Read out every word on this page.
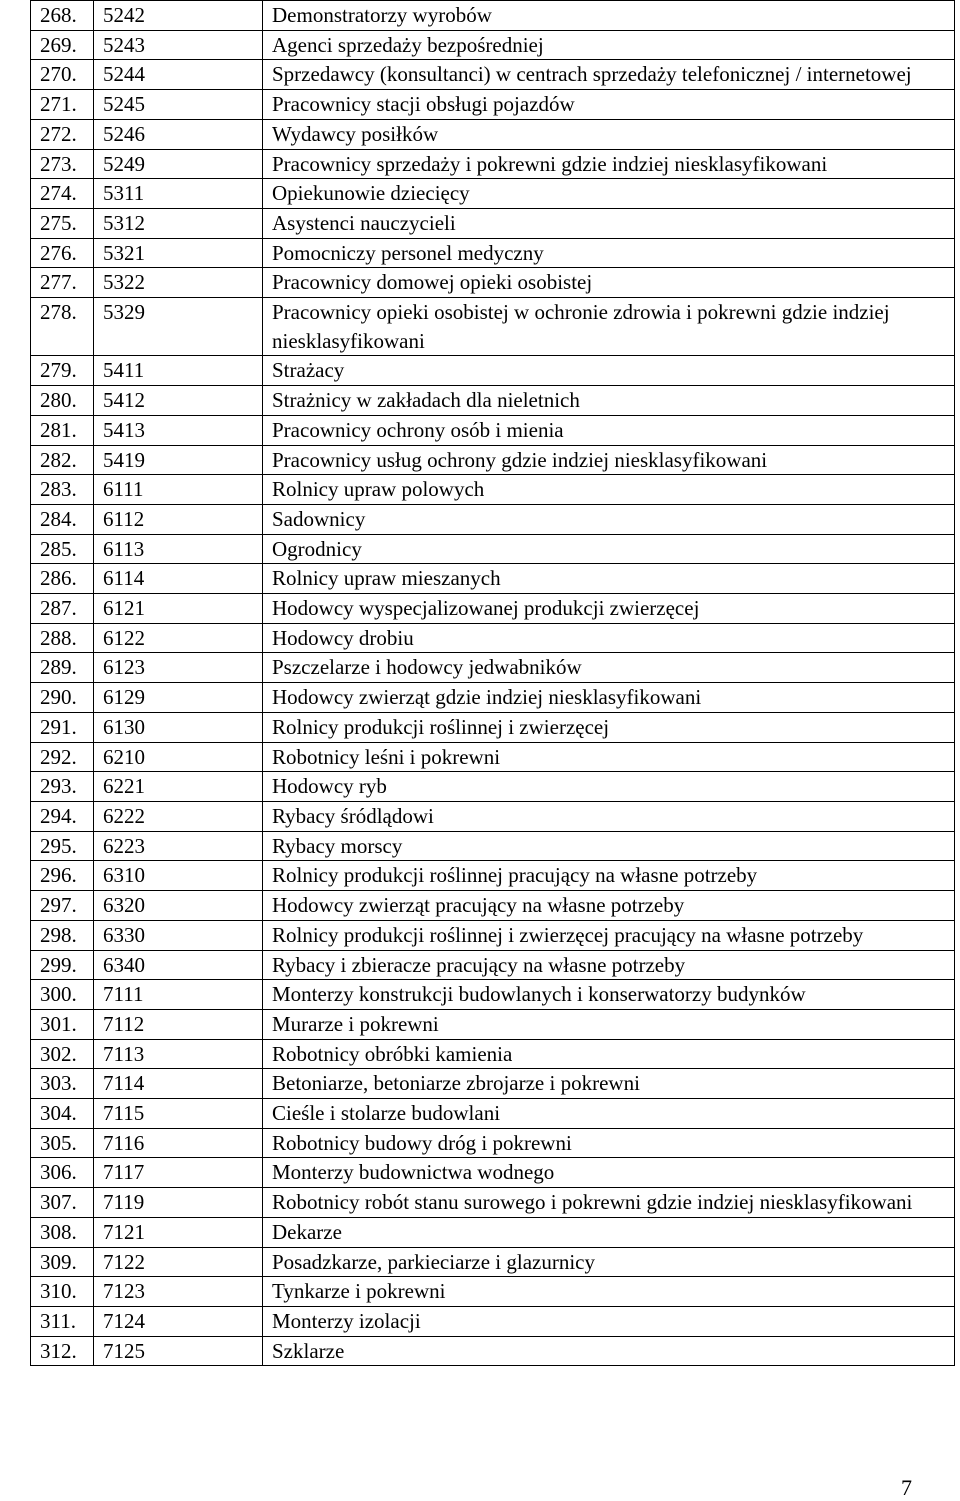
268.	5242	Demonstratorzy wyrobów
269.	5243	Agenci sprzedaży bezpośredniej
270.	5244	Sprzedawcy (konsultanci) w centrach sprzedaży telefonicznej / internetowej
271.	5245	Pracownicy stacji obsługi pojazdów
272.	5246	Wydawcy posiłków
273.	5249	Pracownicy sprzedaży i pokrewni gdzie indziej niesklasyfikowani
274.	5311	Opiekunowie dziecięcy
275.	5312	Asystenci nauczycieli
276.	5321	Pomocniczy personel medyczny
277.	5322	Pracownicy domowej opieki osobistej
278.	5329	Pracownicy opieki osobistej w ochronie zdrowia i pokrewni gdzie indziej niesklasyfikowani
279.	5411	Strażacy
280.	5412	Strażnicy w zakładach dla nieletnich
281.	5413	Pracownicy ochrony osób i mienia
282.	5419	Pracownicy usług ochrony gdzie indziej niesklasyfikowani
283.	6111	Rolnicy upraw polowych
284.	6112	Sadownicy
285.	6113	Ogrodnicy
286.	6114	Rolnicy upraw mieszanych
287.	6121	Hodowcy wyspecjalizowanej produkcji zwierzęcej
288.	6122	Hodowcy drobiu
289.	6123	Pszczelarze i hodowcy jedwabników
290.	6129	Hodowcy zwierząt gdzie indziej niesklasyfikowani
291.	6130	Rolnicy produkcji roślinnej i zwierzęcej
292.	6210	Robotnicy leśni i pokrewni
293.	6221	Hodowcy ryb
294.	6222	Rybacy śródlądowi
295.	6223	Rybacy morscy
296.	6310	Rolnicy produkcji roślinnej pracujący na własne potrzeby
297.	6320	Hodowcy zwierząt pracujący na własne potrzeby
298.	6330	Rolnicy produkcji roślinnej i zwierzęcej pracujący na własne potrzeby
299.	6340	Rybacy i zbieracze pracujący na własne potrzeby
300.	7111	Monterzy konstrukcji budowlanych i konserwatorzy budynków
301.	7112	Murarze i pokrewni
302.	7113	Robotnicy obróbki kamienia
303.	7114	Betoniarze, betoniarze zbrojarze i pokrewni
304.	7115	Cieśle i stolarze budowlani
305.	7116	Robotnicy budowy dróg i pokrewni
306.	7117	Monterzy budownictwa wodnego
307.	7119	Robotnicy robót stanu surowego i pokrewni gdzie indziej niesklasyfikowani
308.	7121	Dekarze
309.	7122	Posadzkarze, parkieciarze i glazurnicy
310.	7123	Tynkarze i pokrewni
311.	7124	Monterzy izolacji
312.	7125	Szklarze
7
